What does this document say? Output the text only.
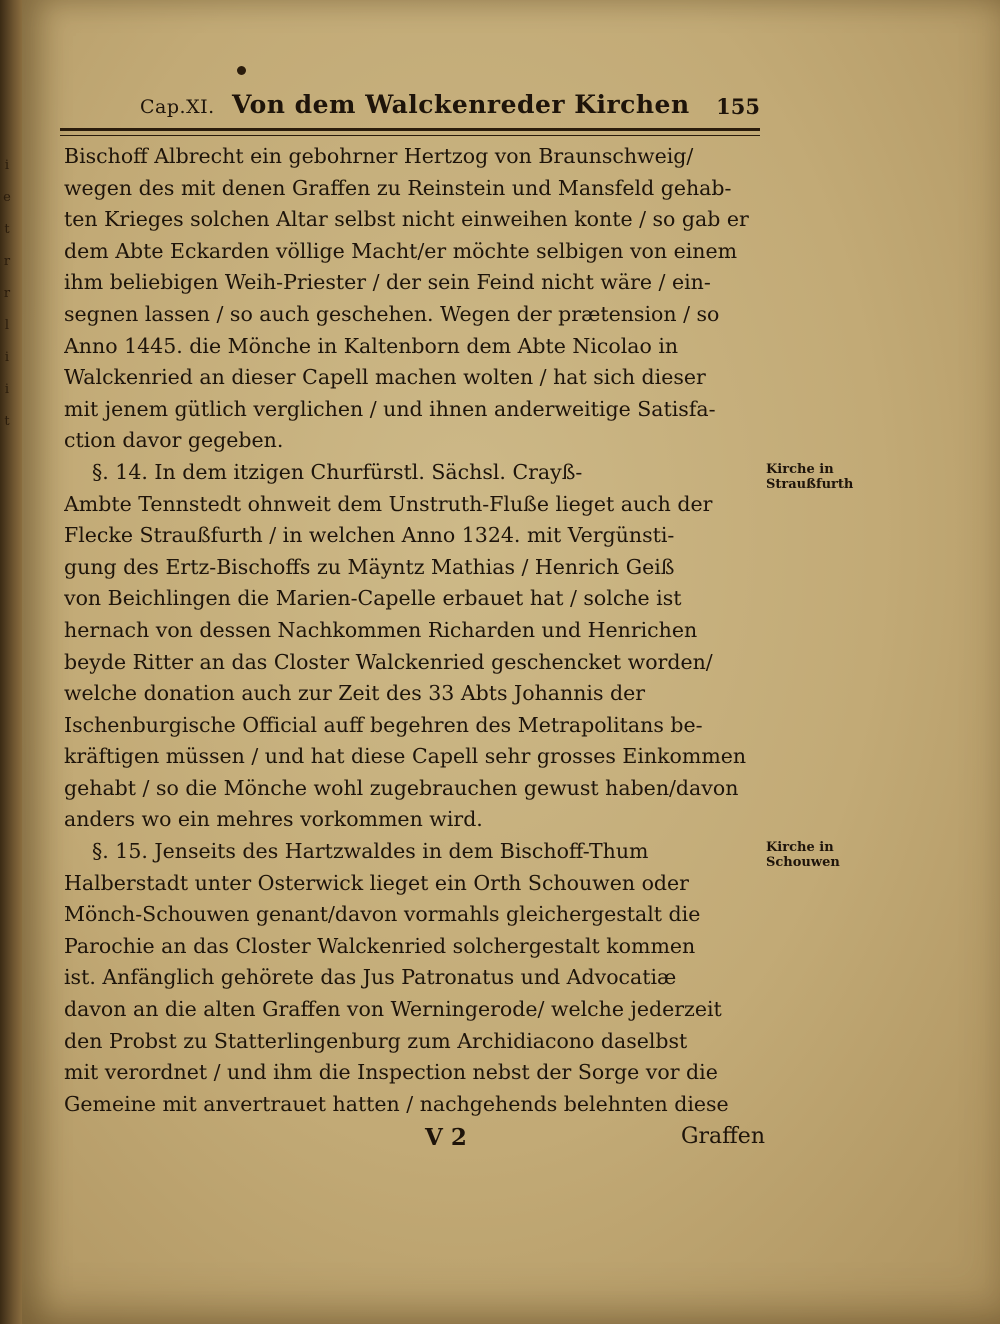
i
e
t
r
r
l
i
i
t
Cap.XI. Von dem Walckenreder Kirchen 155
Bischoff Albrecht ein gebohrner Hertzog von Braunschweig/
wegen des mit denen Graffen zu Reinstein und Mansfeld gehab-
ten Krieges solchen Altar selbst nicht einweihen konte / so gab er
dem Abte Eckarden völlige Macht/er möchte selbigen von einem
ihm beliebigen Weih-Priester / der sein Feind nicht wäre / ein-
segnen lassen / so auch geschehen. Wegen der prætension / so
Anno 1445. die Mönche in Kaltenborn dem Abte Nicolao in
Walckenried an dieser Capell machen wolten / hat sich dieser
mit jenem gütlich verglichen / und ihnen anderweitige Satisfa-
ction davor gegeben.
§. 14. In dem itzigen Churfürstl. Sächsl. Crayß-
Ambte Tennstedt ohnweit dem Unstruth-Fluße lieget auch der
Flecke Straußfurth / in welchen Anno 1324. mit Vergünsti-
gung des Ertz-Bischoffs zu Mäyntz Mathias / Henrich Geiß
von Beichlingen die Marien-Capelle erbauet hat / solche ist
hernach von dessen Nachkommen Richarden und Henrichen
beyde Ritter an das Closter Walckenried geschencket worden/
welche donation auch zur Zeit des 33 Abts Johannis der
Ischenburgische Official auff begehren des Metrapolitans be-
kräftigen müssen / und hat diese Capell sehr grosses Einkommen
gehabt / so die Mönche wohl zugebrauchen gewust haben/davon
anders wo ein mehres vorkommen wird.
§. 15. Jenseits des Hartzwaldes in dem Bischoff-Thum
Halberstadt unter Osterwick lieget ein Orth Schouwen oder
Mönch-Schouwen genant/davon vormahls gleichergestalt die
Parochie an das Closter Walckenried solchergestalt kommen
ist. Anfänglich gehörete das Jus Patronatus und Advocatiæ
davon an die alten Graffen von Werningerode/ welche jederzeit
den Probst zu Statterlingenburg zum Archidiacono daselbst
mit verordnet / und ihm die Inspection nebst der Sorge vor die
Gemeine mit anvertrauet hatten / nachgehends belehnten diese
Kirche in Straußfurth
Kirche in Schouwen
V 2	Graffen
